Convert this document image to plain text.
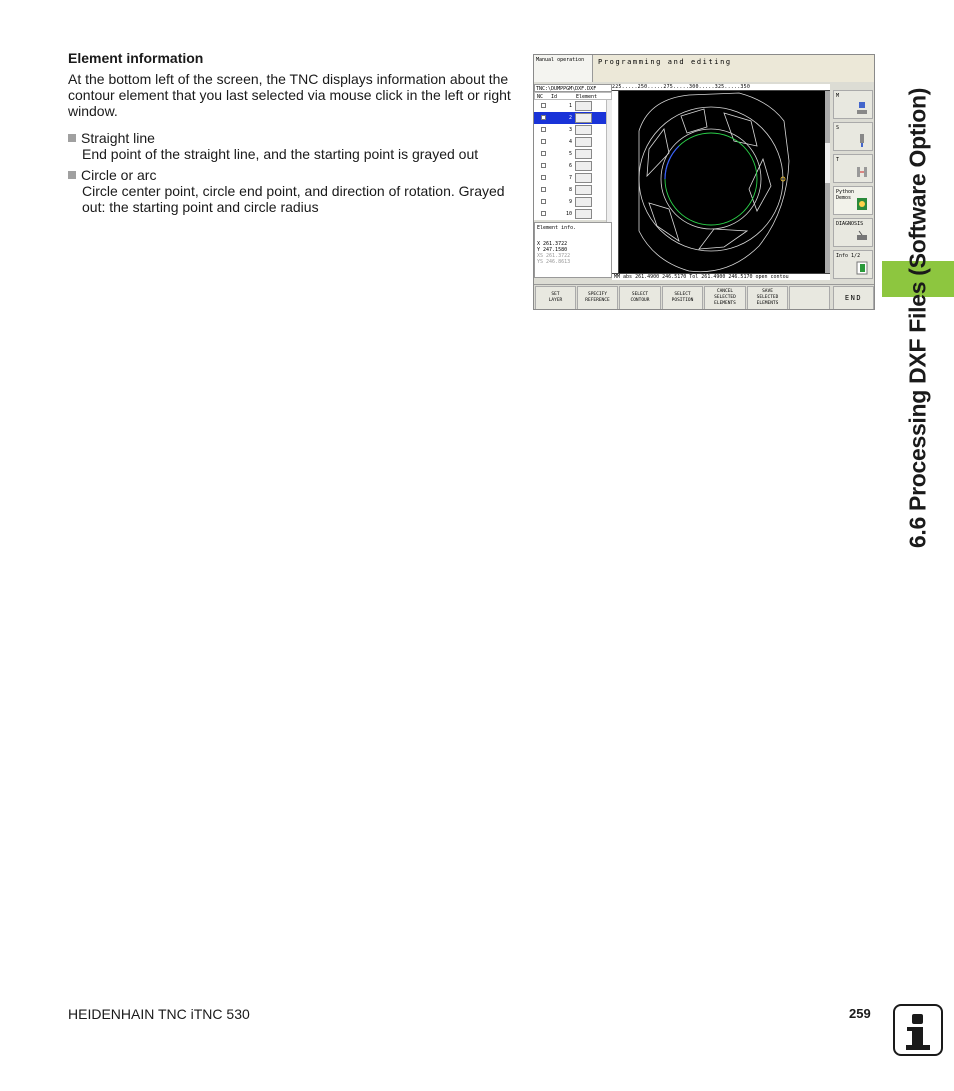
Element information

At the bottom left of the screen, the TNC displays information about the contour element that you last selected via mouse click in the left or right window.

Straight line
End point of the straight line, and the starting point is grayed out
Circle or arc
Circle center point, circle end point, and direction of rotation. Grayed out: the starting point and circle radius	6.6 Processing DXF Files (Software Option)
Manual operation	Programming and editing
TNC:\DUMPPGM\DXF.DXF
NC Id	Element
1
2
3
4
5
6
7
8
9
10
Element info.
X 261.3722
Y 247.1580
XS 261.3722
YS 246.8613
225.....250.....275.....300.....325.....350
MM abs 261.4900 246.5170 Tol 261.4900 246.5170 open contou
M
S
T
Python Demos
DIAGNOSIS
Info 1/2
SET
LAYER
SPECIFY
REFERENCE
SELECT
CONTOUR
SELECT
POSITION
CANCEL
SELECTED
ELEMENTS
SAVE
SELECTED
ELEMENTS
END
HEIDENHAIN TNC iTNC 530	259
